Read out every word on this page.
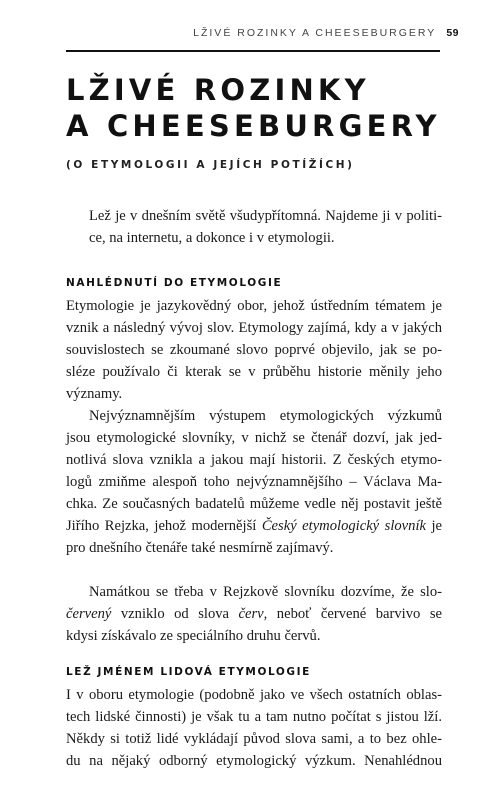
LŽIVÉ ROZINKY A CHEESEBURGERY 59
LŽIVÉ ROZINKY
A CHEESEBURGERY
(O ETYMOLOGII A JEJÍCH POTÍŽÍCH)
Lež je v dnešním světě všudypřítomná. Najdeme ji v politi-
ce, na internetu, a dokonce i v etymologii.
NAHLÉDNUTÍ DO ETYMOLOGIE
Etymologie je jazykovědný obor, jehož ústředním tématem je
vznik a následný vývoj slov. Etymology zajímá, kdy a v jakých
souvislostech se zkoumané slovo poprvé objevilo, jak se po-
sléze používalo či kterak se v průběhu historie měnily jeho
významy.
Nejvýznamnějším výstupem etymologických výzkumů
jsou etymologické slovníky, v nichž se čtenář dozví, jak jed-
notlivá slova vznikla a jakou mají historii. Z českých etymo-
logů zmiňme alespoň toho nejvýznamnějšího – Václava Ma-
chka. Ze současných badatelů můžeme vedle něj postavit ještě
Jiřího Rejzka, jehož modernější Český etymologický slovník je
pro dnešního čtenáře také nesmírně zajímavý.
Namátkou se třeba v Rejzkově slovníku dozvíme, že slo-
červený vzniklo od slova červ, neboť červené barvivo se
kdysi získávalo ze speciálního druhu červů.
LEŽ JMÉNEM LIDOVÁ ETYMOLOGIE
I v oboru etymologie (podobně jako ve všech ostatních oblas-
tech lidské činnosti) je však tu a tam nutno počítat s jistou lží.
Někdy si totiž lidé vykládají původ slova sami, a to bez ohle-
du na nějaký odborný etymologický výzkum. Nenahlédnou
